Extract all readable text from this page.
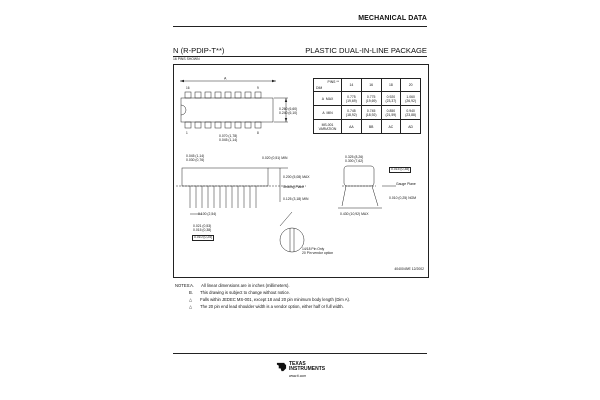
MECHANICAL DATA
N (R-PDIP-T**)	PLASTIC DUAL-IN-LINE PACKAGE
16 PINS SHOWN
A
16	9
1	8
0.260 (6,60)
0.240 (6,10)
0.070 (1,78)
0.045 (1,14)
PINS **
DIM	14	16	18	20
A MAX	0.775 (19,69)	0.775 (19,69)	0.920 (23,37)	1.060 (26,92)
A MIN	0.745 (18,92)	0.745 (18,92)	0.850 (21,59)	0.940 (23,88)
MS-001 VARIATION	AA	BB	AC	AD
0.045 (1,14)
0.030 (0,76)	0.020 (0,51) MIN
0.200 (5,08) MAX
Seating Plane
0.125 (3,18) MIN
0.100 (2,54)
0.021 (0,53)
0.015 (0,38)
0.010 (0,25)
14/18 Pin Only
20 Pin vendor option
0.325 (8,26)
0.300 (7,62)
0.015 (0,38)
Gauge Plane
0.010 (0,25) NOM
0.430 (10,92) MAX
4040049/E 12/2002
NOTES: A. All linear dimensions are in inches (millimeters).
B. This drawing is subject to change without notice.
△ Falls within JEDEC MS-001, except 18 and 20 pin minimum body length (Dim A).
△ The 20 pin end lead shoulder width is a vendor option, either half or full width.
TEXAS
INSTRUMENTS
www.ti.com
